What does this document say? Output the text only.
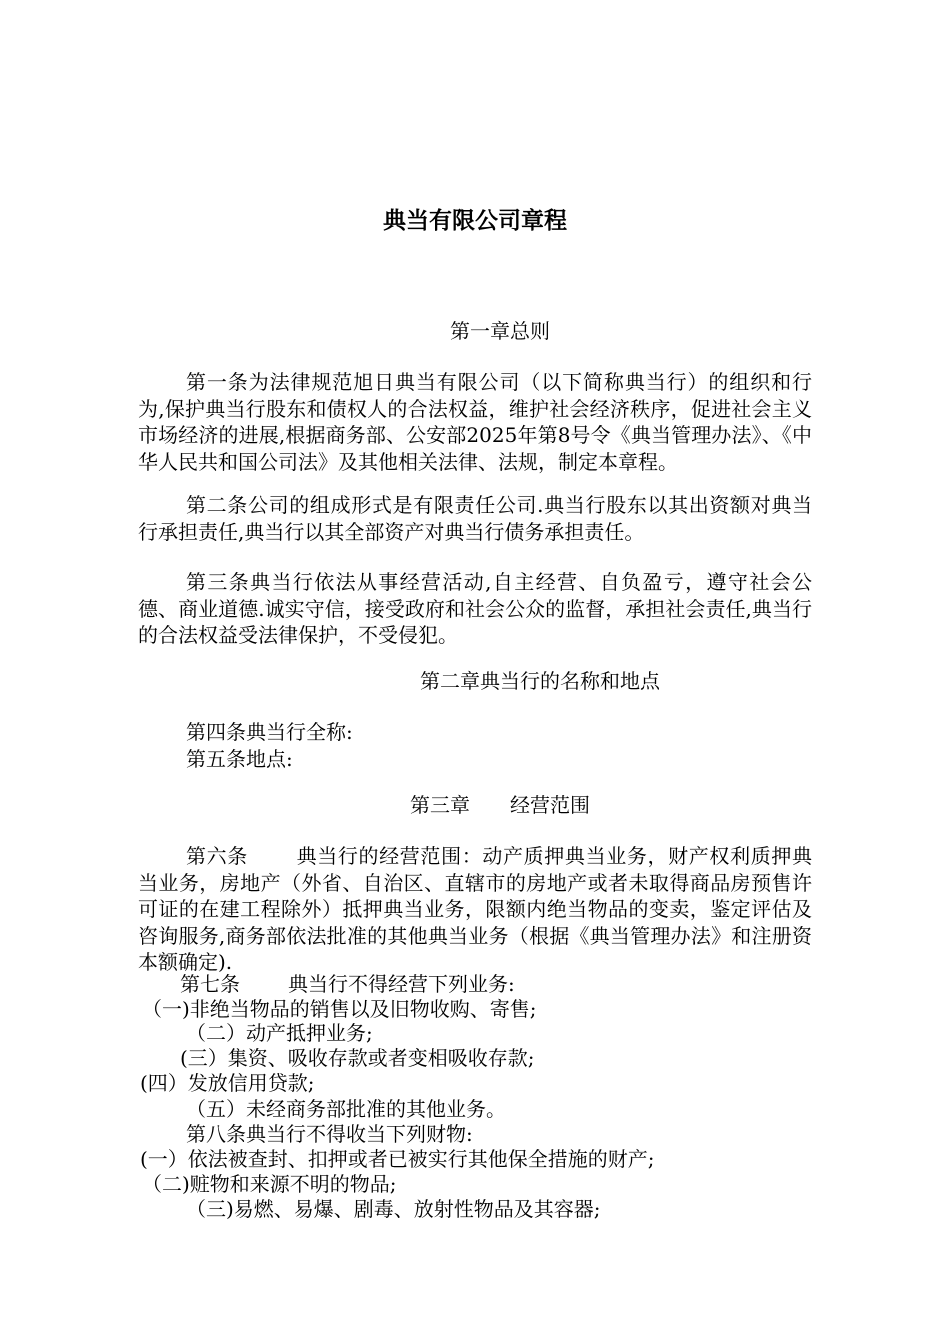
典当有限公司章程
第一章总则
第一条为法律规范旭日典当有限公司（以下简称典当行）的组织和行为,保护典当行股东和债权人的合法权益，维护社会经济秩序，促进社会主义市场经济的进展,根据商务部、公安部2025年第8号令《典当管理办法》、《中华人民共和国公司法》及其他相关法律、法规，制定本章程。
第二条公司的组成形式是有限责任公司.典当行股东以其出资额对典当行承担责任,典当行以其全部资产对典当行债务承担责任。
第三条典当行依法从事经营活动,自主经营、自负盈亏，遵守社会公德、商业道德.诚实守信，接受政府和社会公众的监督，承担社会责任,典当行的合法权益受法律保护，不受侵犯。
第二章典当行的名称和地点
第四条典当行全称:
第五条地点:
第三章 经营范围
第六条 典当行的经营范围：动产质押典当业务，财产权利质押典当业务，房地产（外省、自治区、直辖市的房地产或者未取得商品房预售许可证的在建工程除外）抵押典当业务，限额内绝当物品的变卖，鉴定评估及咨询服务,商务部依法批准的其他典当业务（根据《典当管理办法》和注册资本额确定).
第七条 典当行不得经营下列业务:
（一)非绝当物品的销售以及旧物收购、寄售;
（二）动产抵押业务;
(三）集资、吸收存款或者变相吸收存款;
(四）发放信用贷款;
（五）未经商务部批准的其他业务。
第八条典当行不得收当下列财物:
(一）依法被查封、扣押或者已被实行其他保全措施的财产;
（二)赃物和来源不明的物品;
（三)易燃、易爆、剧毒、放射性物品及其容器;
